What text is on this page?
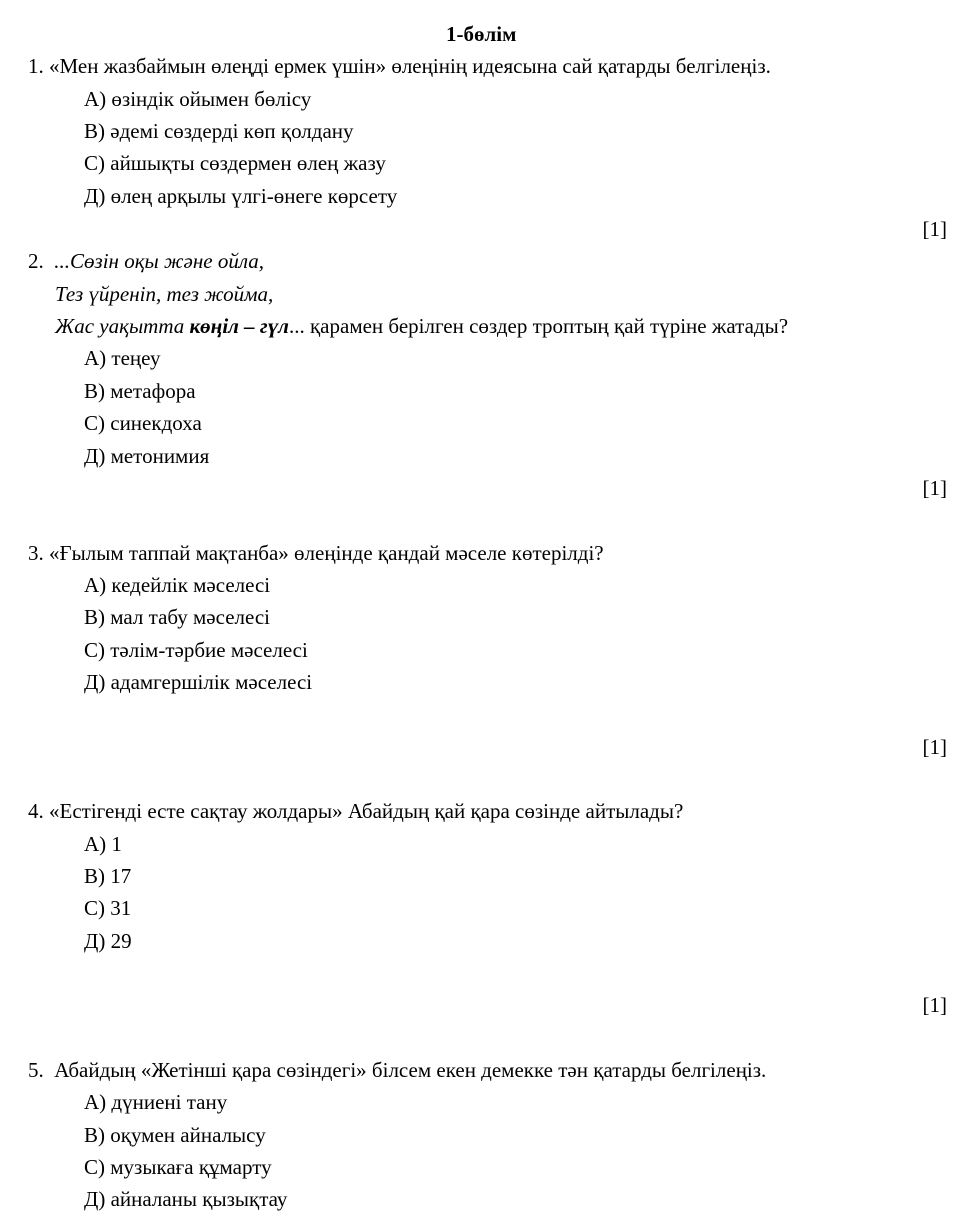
1-бөлім
1. «Мен жазбаймын өлеңді ермек үшін» өлеңінің идеясына сай қатарды белгілеңіз.
А) өзіндік ойымен бөлісу
В) әдемі сөздерді көп қолдану
С) айшықты сөздермен өлең жазу
Д) өлең арқылы үлгі-өнеге көрсету
[1]
2. ...Сөзін оқы және ойла,
Тез үйреніп, тез жойма,
Жас уақытта көңіл – гүл... қарамен берілген сөздер троптың қай түріне жатады?
А) теңеу
В) метафора
С) синекдоха
Д) метонимия
[1]
3. «Ғылым таппай мақтанба» өлеңінде қандай мәселе көтерілді?
А) кедейлік мәселесі
В) мал табу мәселесі
С) тәлім-тәрбие мәселесі
Д) адамгершілік мәселесі
[1]
4. «Естігенді есте сақтау жолдары» Абайдың қай қара сөзінде айтылады?
А) 1
В) 17
С) 31
Д) 29
[1]
5. Абайдың «Жетінші қара сөзіндегі» білсем екен демекке тән қатарды белгілеңіз.
А) дүниені тану
В) оқумен айналысу
С) музыкаға құмарту
Д) айналаны қызықтау
